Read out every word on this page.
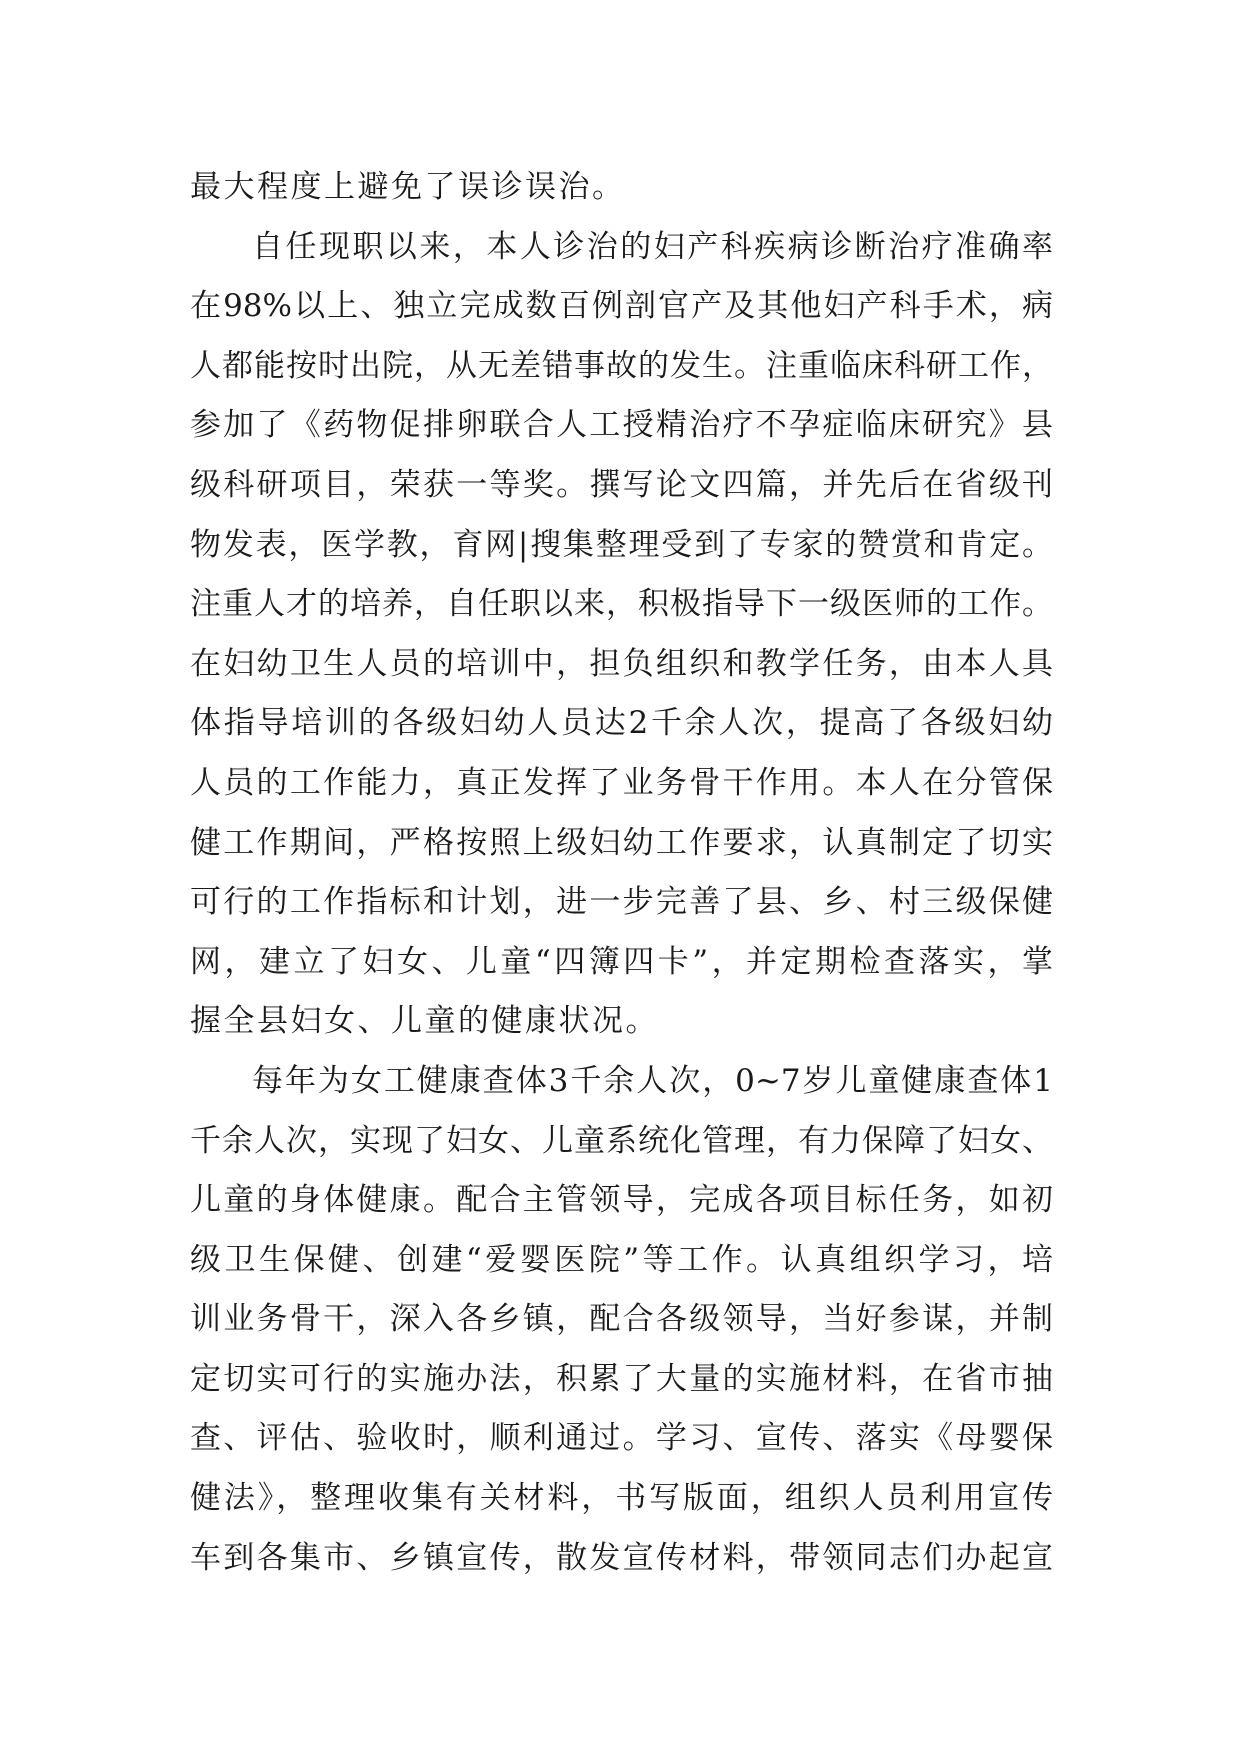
最大程度上避免了误诊误治。
自任现职以来，本人诊治的妇产科疾病诊断治疗准确率
在98%以上、独立完成数百例剖官产及其他妇产科手术，病
人都能按时出院，从无差错事故的发生。注重临床科研工作，
参加了《药物促排卵联合人工授精治疗不孕症临床研究》县
级科研项目，荣获一等奖。撰写论文四篇，并先后在省级刊
物发表，医学教，育网|搜集整理受到了专家的赞赏和肯定。
注重人才的培养，自任职以来，积极指导下一级医师的工作。
在妇幼卫生人员的培训中，担负组织和教学任务，由本人具
体指导培训的各级妇幼人员达2千余人次，提高了各级妇幼
人员的工作能力，真正发挥了业务骨干作用。本人在分管保
健工作期间，严格按照上级妇幼工作要求，认真制定了切实
可行的工作指标和计划，进一步完善了县、乡、村三级保健
网，建立了妇女、儿童“四簿四卡”，并定期检查落实，掌
握全县妇女、儿童的健康状况。
每年为女工健康查体3千余人次，0~7岁儿童健康查体1
千余人次，实现了妇女、儿童系统化管理，有力保障了妇女、
儿童的身体健康。配合主管领导，完成各项目标任务，如初
级卫生保健、创建“爱婴医院”等工作。认真组织学习，培
训业务骨干，深入各乡镇，配合各级领导，当好参谋，并制
定切实可行的实施办法，积累了大量的实施材料，在省市抽
查、评估、验收时，顺利通过。学习、宣传、落实《母婴保
健法》，整理收集有关材料，书写版面，组织人员利用宣传
车到各集市、乡镇宣传，散发宣传材料，带领同志们办起宣
